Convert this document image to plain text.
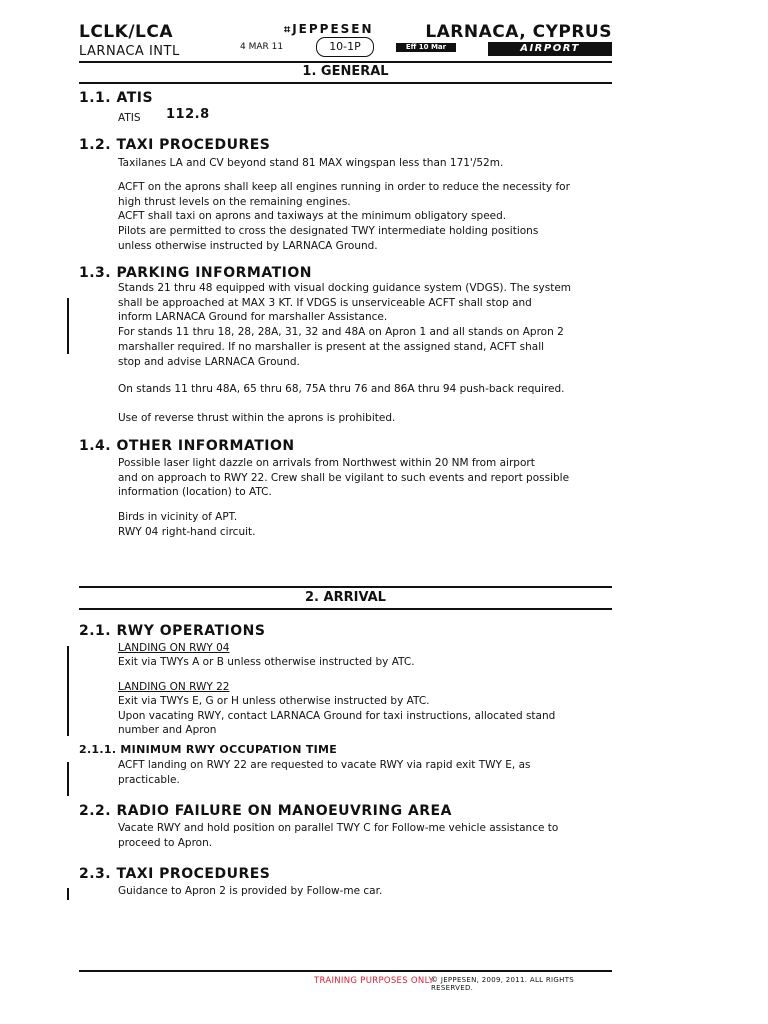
LCLK/LCA
LARNACA INTL
⌗ JEPPESEN
4 MAR 11	10-1P	Eff 10 Mar
LARNACA, CYPRUS
AIRPORT
1. GENERAL
1.1. ATIS
ATIS 112.8
1.2. TAXI PROCEDURES
Taxilanes LA and CV beyond stand 81 MAX wingspan less than 171'/52m.
ACFT on the aprons shall keep all engines running in order to reduce the necessity for
high thrust levels on the remaining engines.
ACFT shall taxi on aprons and taxiways at the minimum obligatory speed.
Pilots are permitted to cross the designated TWY intermediate holding positions
unless otherwise instructed by LARNACA Ground.
1.3. PARKING INFORMATION
Stands 21 thru 48 equipped with visual docking guidance system (VDGS). The system
shall be approached at MAX 3 KT. If VDGS is unserviceable ACFT shall stop and
inform LARNACA Ground for marshaller Assistance.
For stands 11 thru 18, 28, 28A, 31, 32 and 48A on Apron 1 and all stands on Apron 2
marshaller required. If no marshaller is present at the assigned stand, ACFT shall
stop and advise LARNACA Ground.
On stands 11 thru 48A, 65 thru 68, 75A thru 76 and 86A thru 94 push-back required.
Use of reverse thrust within the aprons is prohibited.
1.4. OTHER INFORMATION
Possible laser light dazzle on arrivals from Northwest within 20 NM from airport
and on approach to RWY 22. Crew shall be vigilant to such events and report possible
information (location) to ATC.
Birds in vicinity of APT.
RWY 04 right-hand circuit.
2. ARRIVAL
2.1. RWY OPERATIONS
LANDING ON RWY 04
Exit via TWYs A or B unless otherwise instructed by ATC.
LANDING ON RWY 22
Exit via TWYs E, G or H unless otherwise instructed by ATC.
Upon vacating RWY, contact LARNACA Ground for taxi instructions, allocated stand
number and Apron
2.1.1. MINIMUM RWY OCCUPATION TIME
ACFT landing on RWY 22 are requested to vacate RWY via rapid exit TWY E, as
practicable.
2.2. RADIO FAILURE ON MANOEUVRING AREA
Vacate RWY and hold position on parallel TWY C for Follow-me vehicle assistance to
proceed to Apron.
2.3. TAXI PROCEDURES
Guidance to Apron 2 is provided by Follow-me car.
TRAINING PURPOSES ONLY
© JEPPESEN, 2009, 2011. ALL RIGHTS RESERVED.
